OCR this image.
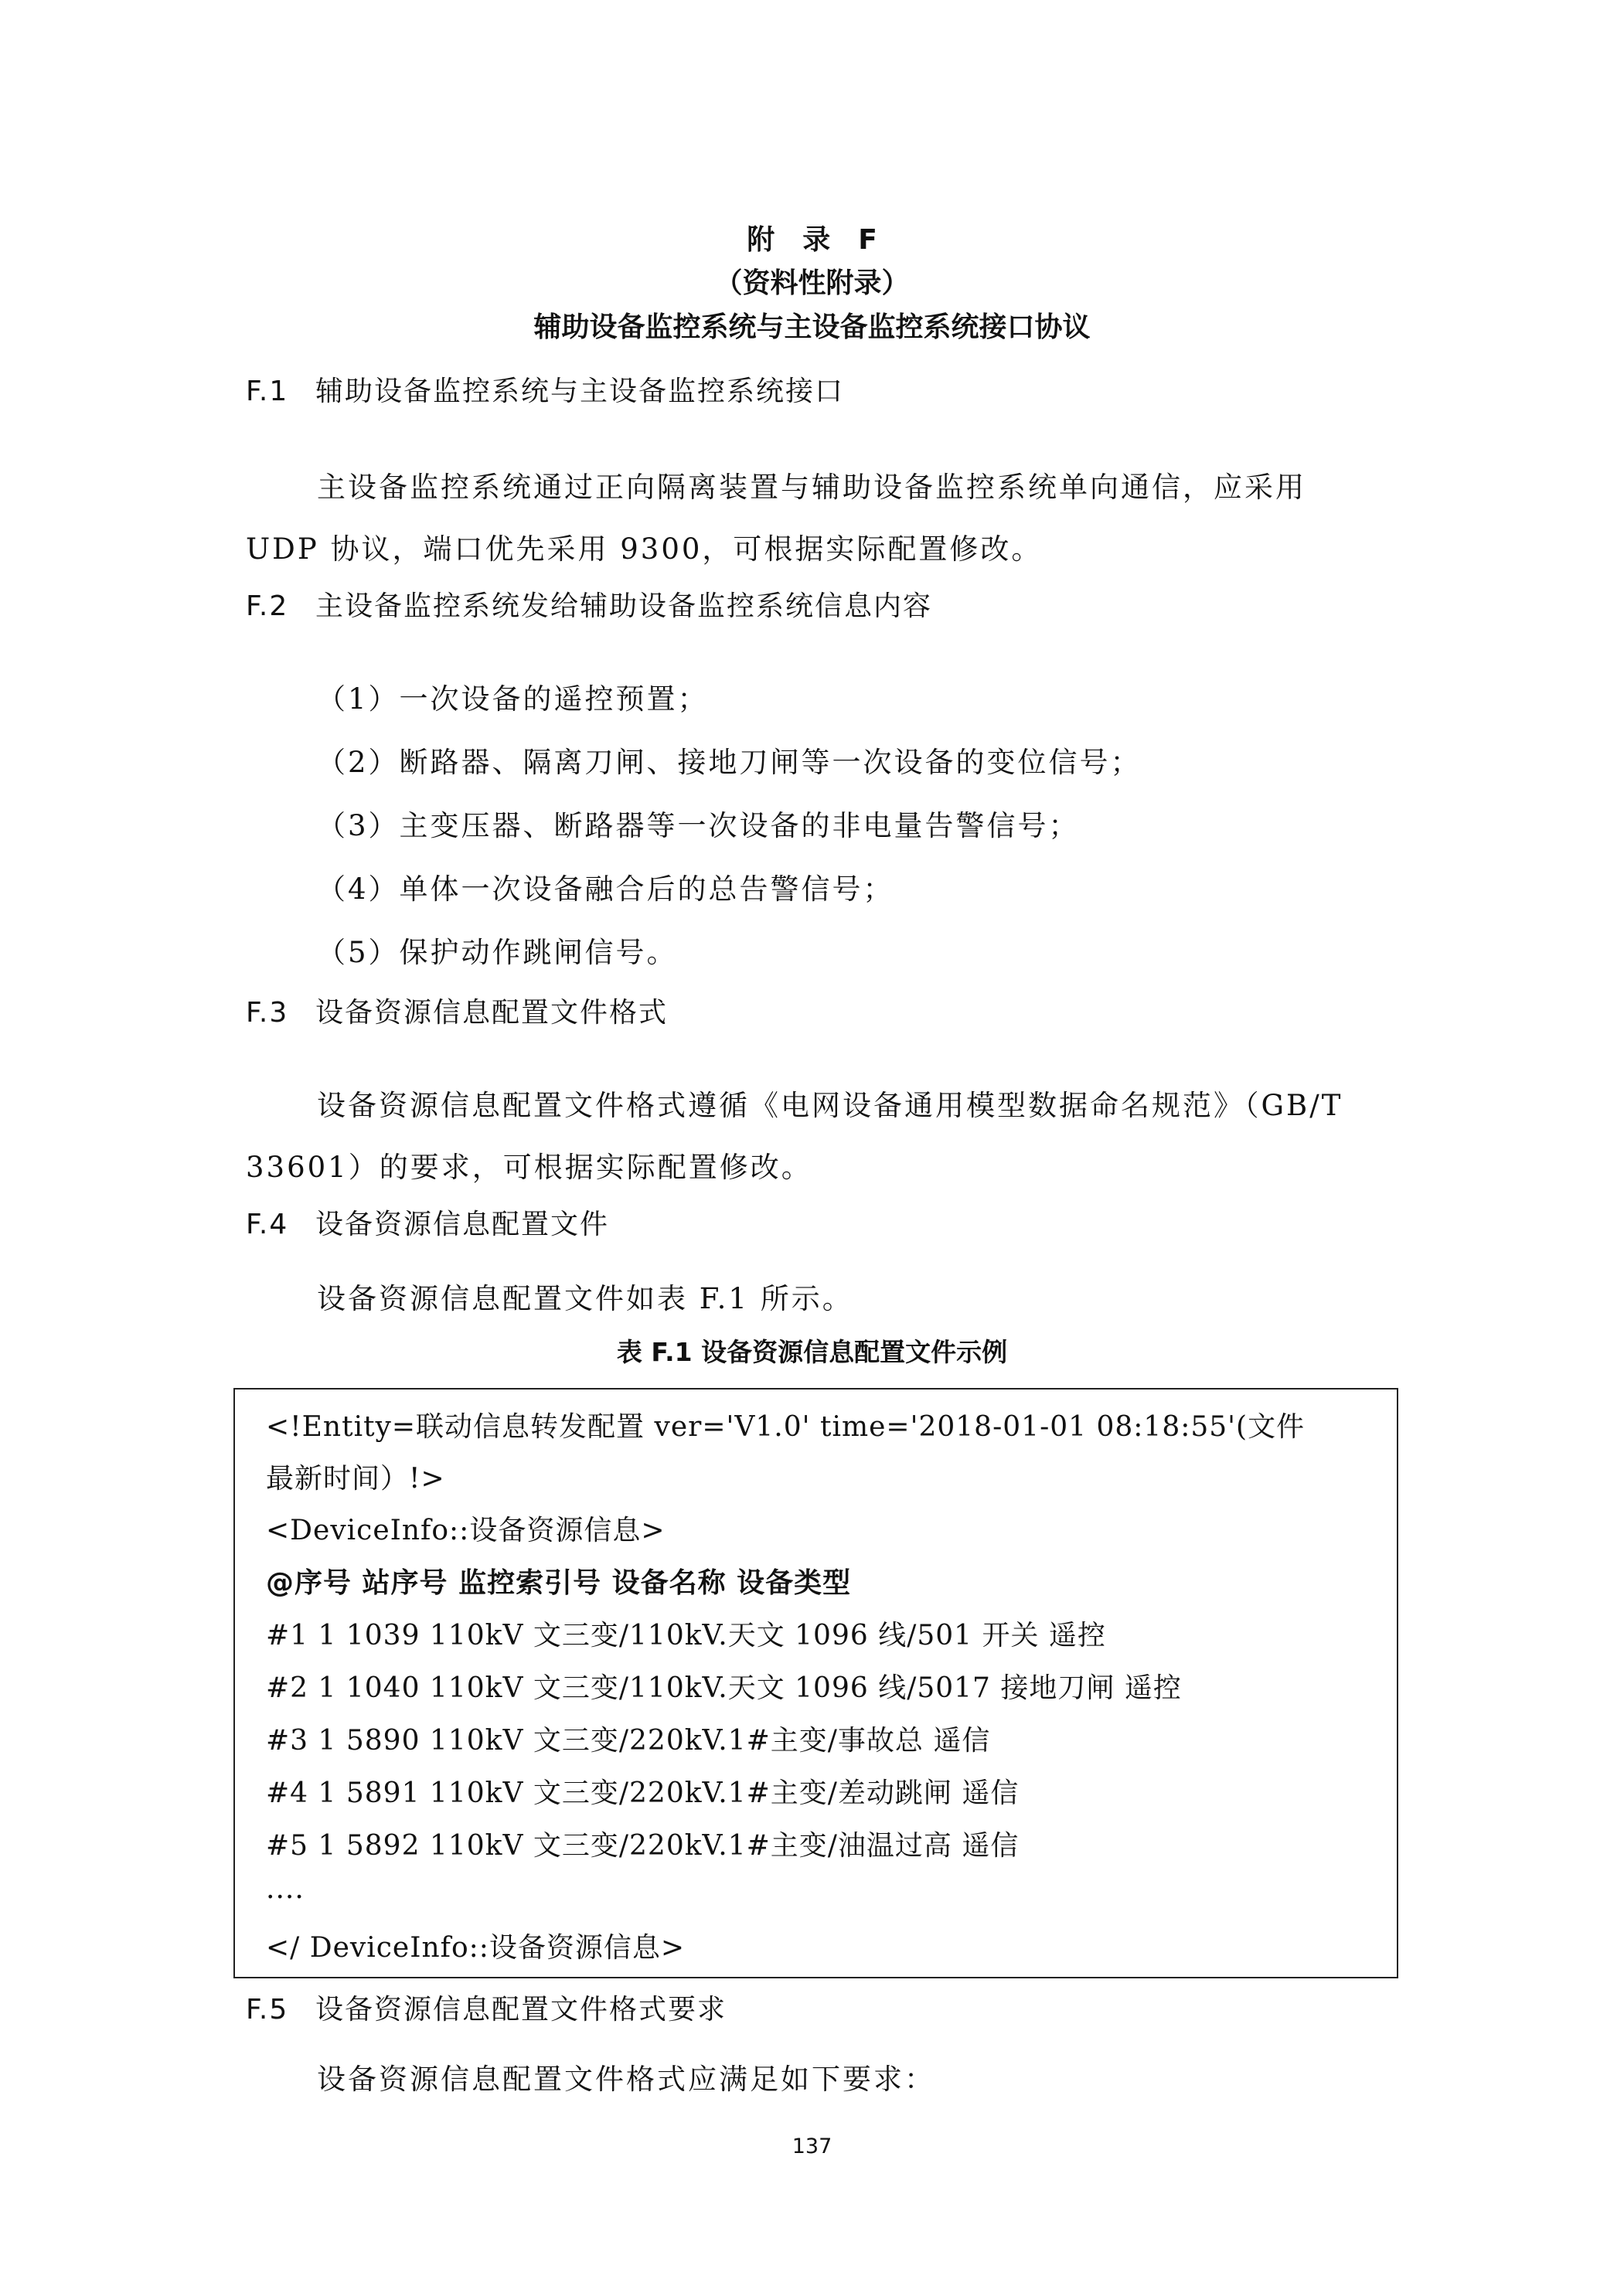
附　录　F
（资料性附录）
辅助设备监控系统与主设备监控系统接口协议
F.1 辅助设备监控系统与主设备监控系统接口
主设备监控系统通过正向隔离装置与辅助设备监控系统单向通信，应采用
UDP 协议，端口优先采用 9300，可根据实际配置修改。
F.2 主设备监控系统发给辅助设备监控系统信息内容
（1）一次设备的遥控预置；
（2）断路器、隔离刀闸、接地刀闸等一次设备的变位信号；
（3）主变压器、断路器等一次设备的非电量告警信号；
（4）单体一次设备融合后的总告警信号；
（5）保护动作跳闸信号。
F.3 设备资源信息配置文件格式
设备资源信息配置文件格式遵循《电网设备通用模型数据命名规范》（GB/T
33601）的要求，可根据实际配置修改。
F.4 设备资源信息配置文件
设备资源信息配置文件如表 F.1 所示。
表 F.1 设备资源信息配置文件示例
<!Entity=联动信息转发配置 ver='V1.0' time='2018-01-01 08:18:55'(文件
最新时间）!>
<DeviceInfo::设备资源信息>
@序号 站序号 监控索引号 设备名称 设备类型
#1 1 1039 110kV 文三变/110kV.天文 1096 线/501 开关 遥控
#2 1 1040 110kV 文三变/110kV.天文 1096 线/5017 接地刀闸 遥控
#3 1 5890 110kV 文三变/220kV.1#主变/事故总 遥信
#4 1 5891 110kV 文三变/220kV.1#主变/差动跳闸 遥信
#5 1 5892 110kV 文三变/220kV.1#主变/油温过高 遥信
....
</ DeviceInfo::设备资源信息>
F.5 设备资源信息配置文件格式要求
设备资源信息配置文件格式应满足如下要求：
137
